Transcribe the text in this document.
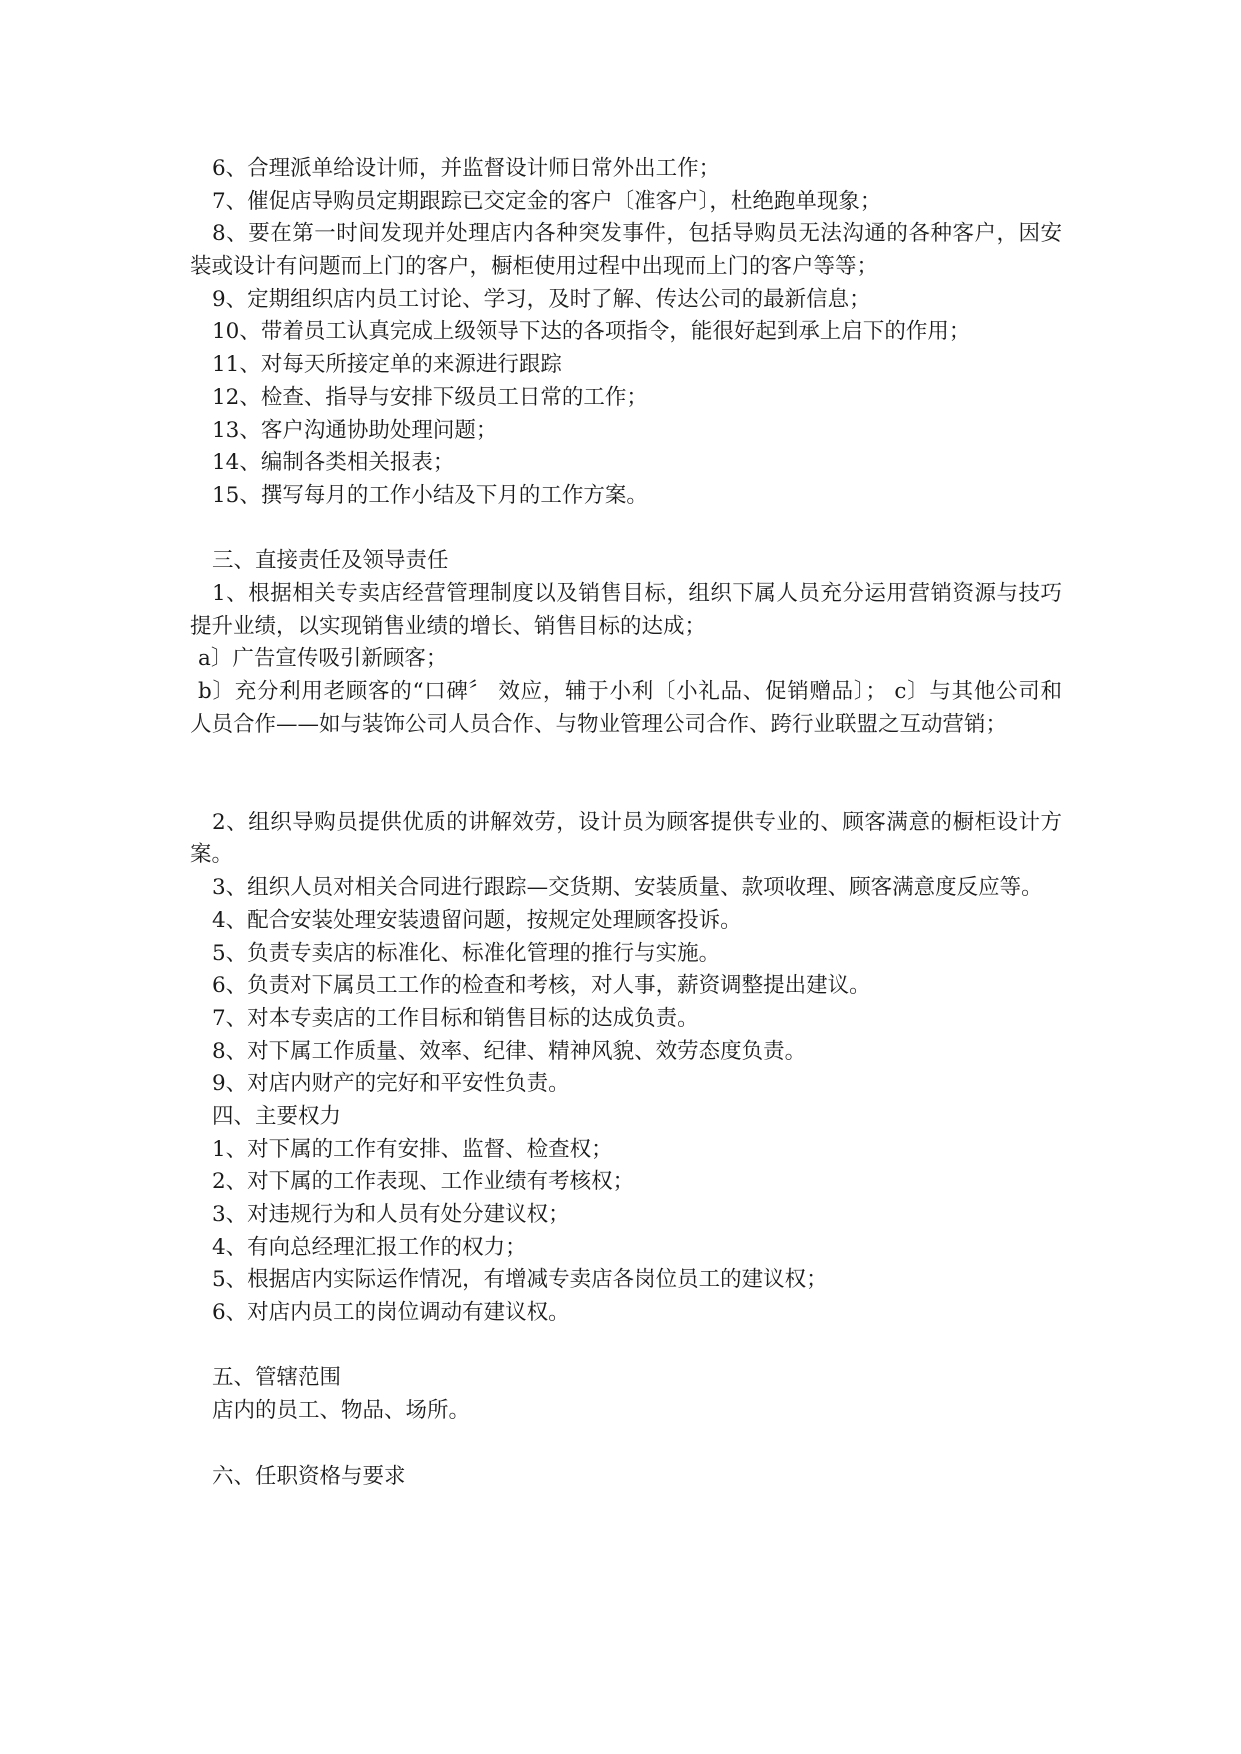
6、合理派单给设计师，并监督设计师日常外出工作；
7、催促店导购员定期跟踪已交定金的客户〔准客户〕，杜绝跑单现象；
8、要在第一时间发现并处理店内各种突发事件，包括导购员无法沟通的各种客户，因安
装或设计有问题而上门的客户，橱柜使用过程中出现而上门的客户等等；
9、定期组织店内员工讨论、学习，及时了解、传达公司的最新信息；
10、带着员工认真完成上级领导下达的各项指令，能很好起到承上启下的作用；
11、对每天所接定单的来源进行跟踪
12、检查、指导与安排下级员工日常的工作；
13、客户沟通协助处理问题；
14、编制各类相关报表；
15、撰写每月的工作小结及下月的工作方案。
三、直接责任及领导责任
1、根据相关专卖店经营管理制度以及销售目标，组织下属人员充分运用营销资源与技巧
提升业绩，以实现销售业绩的增长、销售目标的达成；
a〕广告宣传吸引新顾客；
b〕充分利用老顾客的“口碑〞 效应，辅于小利〔小礼品、促销赠品〕； c〕与其他公司和
人员合作——如与装饰公司人员合作、与物业管理公司合作、跨行业联盟之互动营销；
2、组织导购员提供优质的讲解效劳，设计员为顾客提供专业的、顾客满意的橱柜设计方
案。
3、组织人员对相关合同进行跟踪—交货期、安装质量、款项收理、顾客满意度反应等。
4、配合安装处理安装遗留问题，按规定处理顾客投诉。
5、负责专卖店的标准化、标准化管理的推行与实施。
6、负责对下属员工工作的检查和考核，对人事，薪资调整提出建议。
7、对本专卖店的工作目标和销售目标的达成负责。
8、对下属工作质量、效率、纪律、精神风貌、效劳态度负责。
9、对店内财产的完好和平安性负责。
四、主要权力
1、对下属的工作有安排、监督、检查权；
2、对下属的工作表现、工作业绩有考核权；
3、对违规行为和人员有处分建议权；
4、有向总经理汇报工作的权力；
5、根据店内实际运作情况，有增减专卖店各岗位员工的建议权；
6、对店内员工的岗位调动有建议权。
五、管辖范围
店内的员工、物品、场所。
六、任职资格与要求
